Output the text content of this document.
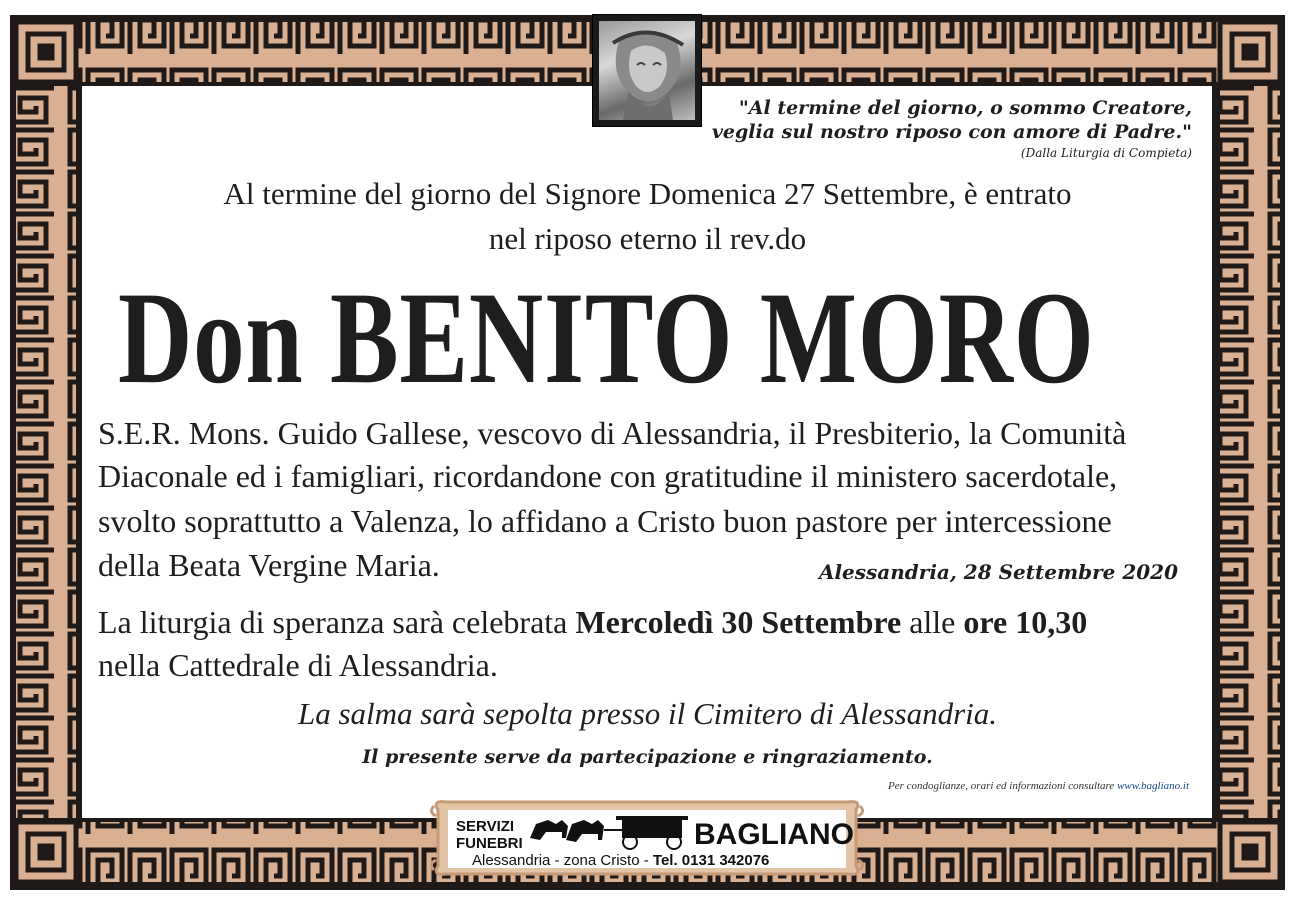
"Al termine del giorno, o sommo Creatore,
veglia sul nostro riposo con amore di Padre."
(Dalla Liturgia di Compieta)
Al termine del giorno del Signore Domenica 27 Settembre, è entrato
nel riposo eterno il rev.do
Don BENITO MORO
S.E.R. Mons. Guido Gallese, vescovo di Alessandria, il Presbiterio, la Comunità
Diaconale ed i famigliari, ricordandone con gratitudine il ministero sacerdotale,
svolto soprattutto a Valenza, lo affidano a Cristo buon pastore per intercessione
della Beata Vergine Maria.	Alessandria, 28 Settembre 2020
La liturgia di speranza sarà celebrata Mercoledì 30 Settembre alle ore 10,30
nella Cattedrale di Alessandria.
La salma sarà sepolta presso il Cimitero di Alessandria.
Il presente serve da partecipazione e ringraziamento.
Per condoglianze, orari ed informazioni consultare www.bagliano.it
SERVIZI
FUNEBRI	BAGLIANO
Alessandria - zona Cristo - Tel. 0131 342076
